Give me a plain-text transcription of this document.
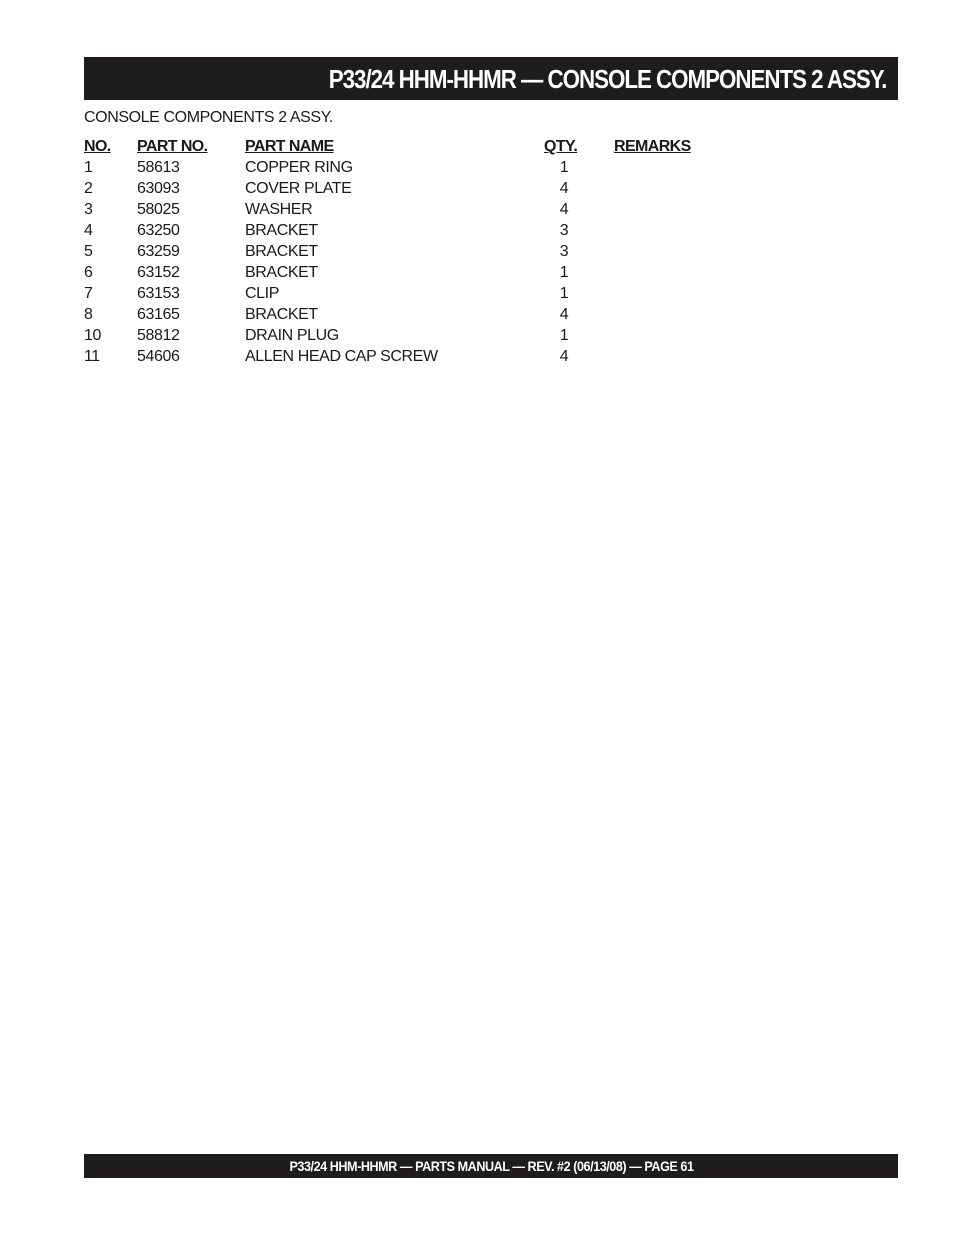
P33/24 HHM-HHMR — CONSOLE COMPONENTS 2 ASSY.
CONSOLE COMPONENTS 2 ASSY.
NO. PART NO. PART NAME	QTY. REMARKS
1	58613	COPPER RING	1
2	63093	COVER PLATE	4
3	58025	WASHER	4
4	63250	BRACKET	3
5	63259	BRACKET	3
6	63152	BRACKET	1
7	63153	CLIP	1
8	63165	BRACKET	4
10 58812	DRAIN PLUG	1
11 54606	ALLEN HEAD CAP SCREW	4
P33/24 HHM-HHMR — PARTS MANUAL — REV. #2 (06/13/08) — PAGE 61
